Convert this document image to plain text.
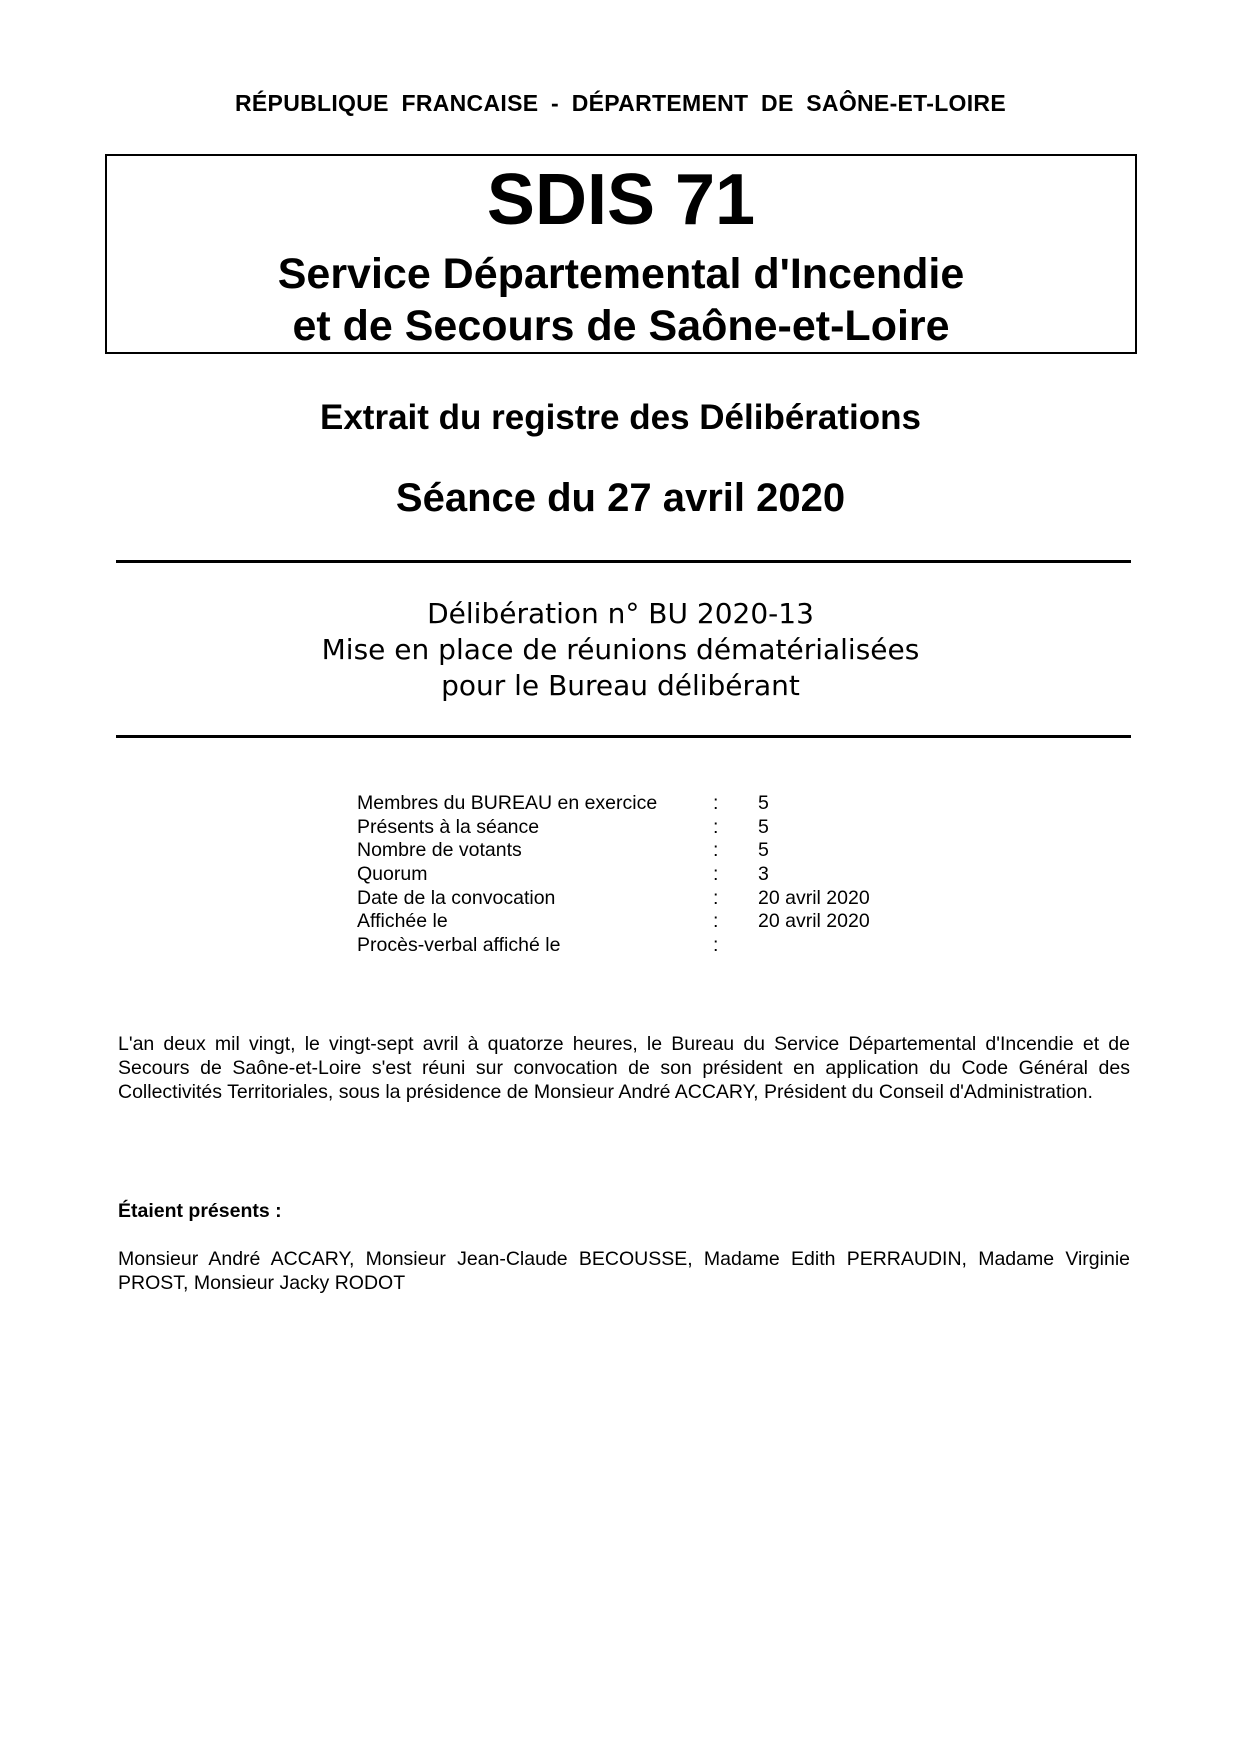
RÉPUBLIQUE FRANCAISE - DÉPARTEMENT DE SAÔNE-ET-LOIRE
SDIS 71
Service Départemental d'Incendie
et de Secours de Saône-et-Loire
Extrait du registre des Délibérations
Séance du 27 avril 2020
Délibération n° BU 2020-13
Mise en place de réunions dématérialisées
pour le Bureau délibérant
Membres du BUREAU en exercice	: 5
Présents à la séance	: 5
Nombre de votants	: 5
Quorum	: 3
Date de la convocation	: 20 avril 2020
Affichée le	: 20 avril 2020
Procès-verbal affiché le	:

L'an deux mil vingt, le vingt-sept avril à quatorze heures, le Bureau du Service Départemental d'Incendie et de Secours de Saône-et-Loire s'est réuni sur convocation de son président en application du Code Général des Collectivités Territoriales, sous la présidence de Monsieur André ACCARY, Président du Conseil d'Administration.

Étaient présents :

Monsieur André ACCARY, Monsieur Jean-Claude BECOUSSE, Madame Edith PERRAUDIN, Madame Virginie PROST, Monsieur Jacky RODOT
